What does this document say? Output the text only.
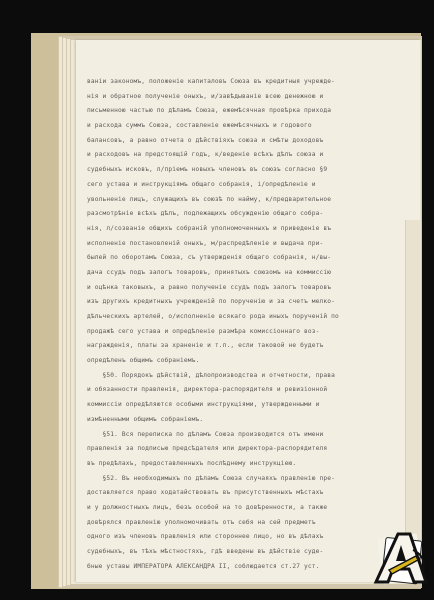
ваніи закономъ, положеніе капиталовъ Союза въ кредитныя учрежде-
нія и обратное полученіе оныхъ, и/завѣдываніе всею денежною и
письменною частью по дѣламъ Союза, ежемѣсячная провѣрка прихода
и расхода суммъ Союза, составленіе ежемѣсячныхъ и годового
балансовъ, а равно отчета о дѣйствіяхъ союза и смѣты доходовъ
и расходовъ на предстоящій годъ, к/веденіе всѣхъ дѣлъ союза и
судебныхъ исковъ, л/пріемъ новыхъ членовъ въ союзъ согласно §9
сего устава и инструкціямъ общаго собранія, і/опредѣленіе и
увольненіе лицъ, служащихъ въ союзѣ по найму, к/предварительное
разсмотрѣніе всѣхъ дѣлъ, подлежащихъ обсужденію общаго собра-
нія, л/созваніе общихъ собраній уполномоченныхъ и приведеніе въ
исполненіе постановленій оныхъ, м/распредѣленіе и выдача при-
былей по оборотамъ Союза, съ утвержденія общаго собранія, н/вы-
дача ссудъ подъ залогъ товаровъ, принятыхъ союзомъ на коммиссію
и оцѣнка таковыхъ, а равно полученіе ссудъ подъ залогъ товаровъ
изъ другихъ кредитныхъ учрежденій по порученію и за счетъ мелко-
дѣльческихъ артелей, о/исполненіе всякаго рода иныхъ порученій по
продажѣ сего устава и опредѣленіе размѣра комиссіоннаго воз-
награжденія, платы за храненіе и т.п., если таковой не будетъ
опредѣленъ общимъ собраніемъ.
§50. Порядокъ дѣйствій, дѣлопроизводства и отчетности, права
и обязанности правленія, директора-распорядителя и ревизіонной
коммиссіи опредѣляются особыми инструкціями, утвержденными и
измѣненными общимъ собраніемъ.
§51. Вся переписка по дѣламъ Союза производится отъ имени
правленія за подписью предсѣдателя или директора-распорядителя
въ предѣлахъ, предоставленныхъ послѣднему инструкціею.
§52. Въ необходимыхъ по дѣламъ Союза случаяхъ правленію пре-
доставляется право ходатайствовать въ присутственныхъ мѣстахъ
и у должностныхъ лицъ, безъ особой на то довѣренности, а также
довѣрялся правленію уполномочивать отъ себя на сей предметъ
одного изъ членовъ правленія или стороннее лицо, но въ дѣлахъ
судебныхъ, въ тѣхъ мѣстностяхъ, гдѣ введены въ дѣйствіе суде-
бные уставы ИМПЕРАТОРА АЛЕКСАНДРА II, соблюдается ст.27 уст.
